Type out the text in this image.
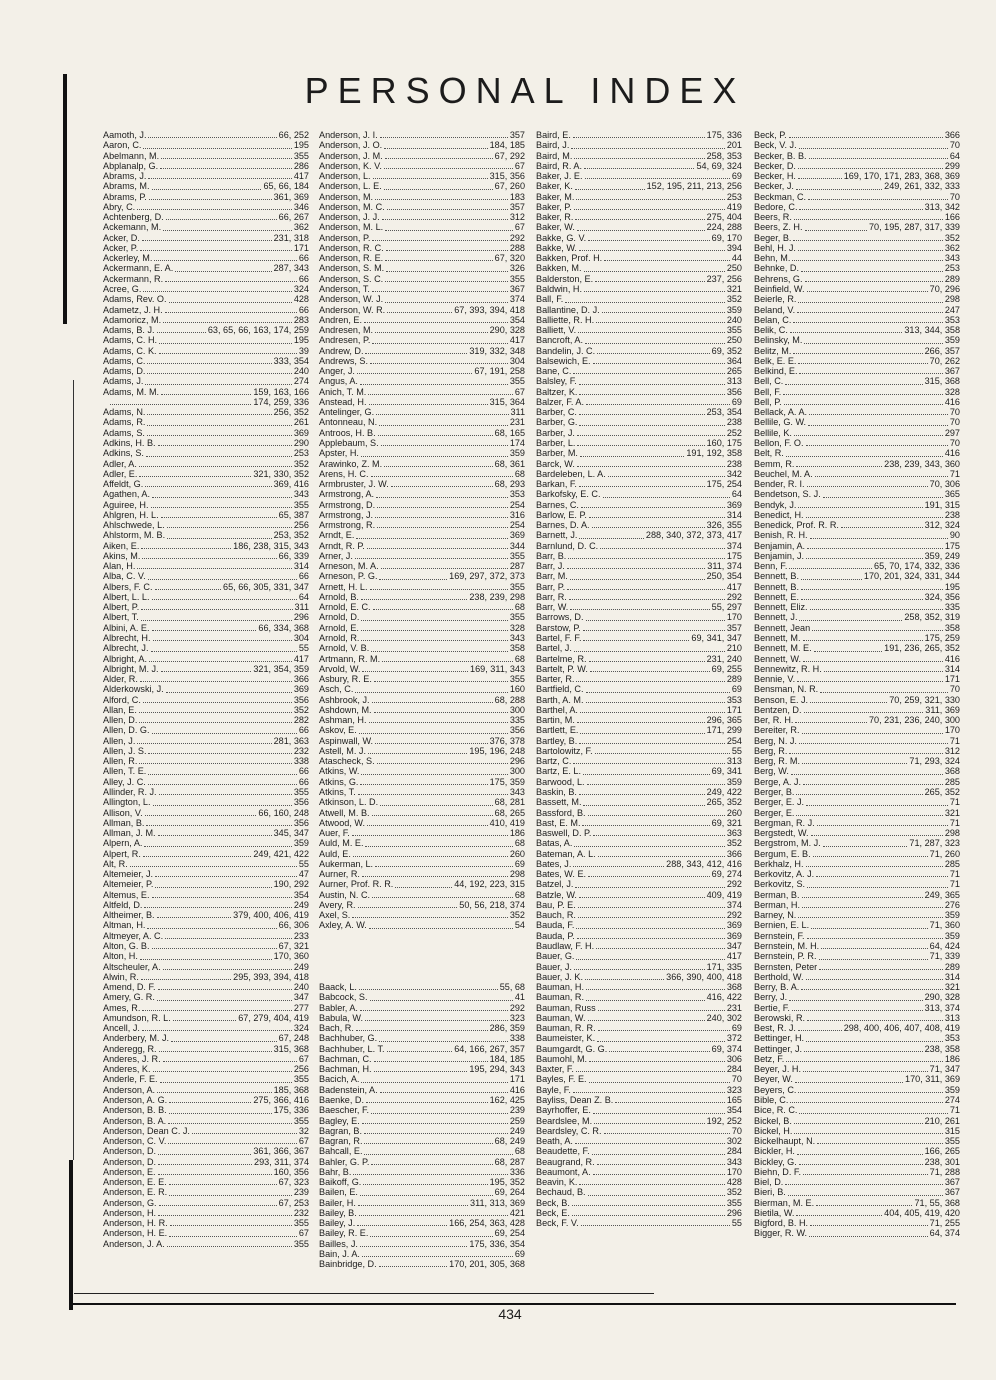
PERSONAL INDEX
Aamoth, J.	66, 252
Aaron, C.	195
Abelmann, M.	355
Abplanalp, G.	286
Abrams, J.	417
Abrams, M.	65, 66, 184
Abrams, P.	361, 369
Abry, C.	346
Achtenberg, D.	66, 267
Ackemann, M.	362
Acker, D.	231, 318
Acker, P.	171
Ackerley, M.	66
Ackermann, E. A.	287, 343
Ackermann, R.	66
Acree, G.	324
Adams, Rev. O.	428
Adametz, J. H.	66
Adamoricz, M.	283
Adams, B. J.	63, 65, 66, 163, 174, 259
Adams, C. H.	195
Adams, C. K.	39
Adams, C.	333, 354
Adams, D.	240
Adams, J.	274
Adams, M. M.	159, 163, 166
174, 259, 336
Adams, N.	256, 352
Adams, R.	261
Adams, S.	369
Adkins, H. B.	290
Adkins, S.	253
Adler, A.	352
Adler, E.	321, 330, 352
Affeldt, G.	369, 416
Agathen, A.	343
Aguiree, H.	355
Ahlgren, H. L.	65, 387
Ahlschwede, L.	256
Ahlstorm, M. B.	253, 352
Aiken, E.	186, 238, 315, 343
Akins, M.	66, 339
Alan, H.	314
Alba, C. V.	66
Albers, F. C.	65, 66, 305, 331, 347
Albert, L. L.	64
Albert, P.	311
Albert, T.	296
Albini, A. E.	66, 334, 368
Albrecht, H.	304
Albrecht, J.	55
Albright, A.	417
Albright, M. J.	321, 354, 359
Alder, R.	366
Alderkowski, J.	369
Alford, C.	356
Allan, E.	352
Allen, D.	282
Allen, D. G.	66
Allen, J.	281, 363
Allen, J. S.	232
Allen, R.	338
Allen, T. E.	66
Alley, J. C.	66
Allinder, R. J.	355
Allington, L.	356
Allison, V.	66, 160, 248
Allman, B.	356
Allman, J. M.	345, 347
Alpern, A.	359
Alpert, R.	249, 421, 422
Alt, R.	55
Altemeier, J.	47
Altemeier, P.	190, 292
Altemus, E.	354
Altfeld, D.	249
Altheimer, B.	379, 400, 406, 419
Altman, H.	66, 306
Altmeyer, A. C.	233
Alton, G. B.	67, 321
Alton, H.	170, 360
Altscheuler, A.	249
Alwin, R.	295, 393, 394, 418
Amend, D. F.	240
Amery, G. R.	347
Ames, R.	277
Amundson, R. L.	67, 279, 404, 419
Ancell, J.	324
Anderbery, M. J.	67, 248
Anderegg, R.	315, 368
Anderes, J. R.	67
Anderes, K.	256
Anderle, F. E.	355
Anderson, A.	185, 368
Anderson, A. G.	275, 366, 416
Anderson, B. B.	175, 336
Anderson, B. A.	355
Anderson, Dean C. J.	32
Anderson, C. V.	67
Anderson, D.	361, 366, 367
Anderson, D.	293, 311, 374
Anderson, E.	160, 356
Anderson, E. E.	67, 323
Anderson, E. R.	239
Anderson, G.	67, 253
Anderson, H.	232
Anderson, H. R.	355
Anderson, H. E.	67
Anderson, J. A.	355
Anderson, J. I.	357
Anderson, J. O.	184, 185
Anderson, J. M.	67, 292
Anderson, K. V.	67
Anderson, L.	315, 356
Anderson, L. E.	67, 260
Anderson, M.	183
Anderson, M. C.	357
Anderson, J. J.	312
Anderson, M. L.	67
Anderson, P.	292
Anderson, R. C.	288
Anderson, R. E.	67, 320
Anderson, S. M.	326
Anderson, S. C.	355
Anderson, T.	367
Anderson, W. J.	374
Anderson, W. R.	67, 393, 394, 418
Andren, E.	354
Andresen, M.	290, 328
Andresen, P.	417
Andrew, D.	319, 332, 348
Andrews, S.	304
Anger, J.	67, 191, 258
Angus, A.	355
Anich, T. M.	67
Anstead, H.	315, 364
Antelinger, G.	311
Antonneau, N.	231
Antroos, H. B.	68, 165
Applebaum, S.	174
Apster, H.	359
Arawinko, Z. M.	68, 361
Arens, H. C.	68
Armbruster, J. W.	68, 293
Armstrong, A.	353
Armstrong, D.	254
Armstrong, J.	316
Armstrong, R.	254
Arndt, E.	369
Arndt, R. P.	344
Arner, J.	355
Arneson, M. A.	287
Arneson, P. G.	169, 297, 372, 373
Arnett, H. L.	355
Arnold, B.	238, 239, 298
Arnold, E. C.	68
Arnold, D.	355
Arnold, E.	328
Arnold, R.	343
Arnold, V. B.	358
Artmann, R. M.	68
Arvold, W.	169, 311, 343
Asbury, R. E.	355
Asch, C.	160
Ashbrook, J.	68, 288
Ashdown, M.	300
Ashman, H.	335
Askov, E.	356
Aspinwall, W.	376, 378
Astell, M. J.	195, 196, 248
Atascheck, S.	296
Atkins, W.	300
Atkins, G.	175, 359
Atkins, T.	343
Atkinson, L. D.	68, 281
Atwell, M. B.	68, 265
Atwood, W.	410, 419
Auer, F.	186
Auld, M. E.	68
Auld, E.	260
Aukerman, L.	69
Aurner, R.	298
Aurner, Prof. R. R.	44, 192, 223, 315
Austin, N. C.	68
Avery, R.	50, 56, 218, 374
Axel, S.	352
Axley, A. W.	54
Baack, L.	55, 68
Babcock, S.	41
Babler, A.	292
Babula, W.	323
Bach, R.	286, 359
Bachhuber, G.	338
Bachhuber, L. T.	64, 166, 267, 357
Bachman, C.	184, 185
Bachman, H.	195, 294, 343
Bacich, A.	171
Badenstein, A.	416
Baenke, D.	162, 425
Baescher, F.	239
Bagley, E.	259
Bagran, B.	249
Bagran, R.	68, 249
Bahcall, E.	68
Bahler, G. P.	68, 287
Bahr, B.	336
Baikoff, G.	195, 352
Bailen, E.	69, 264
Bailer, H.	311, 313, 369
Bailey, B.	421
Bailey, J.	166, 254, 363, 428
Bailey, R. E.	69, 254
Bailles, J.	175, 336, 354
Bain, J. A.	69
Bainbridge, D.	170, 201, 305, 368
Baird, E.	175, 336
Baird, J.	201
Baird, M.	258, 353
Baird, R. A.	54, 69, 324
Baker, J. E.	69
Baker, K.	152, 195, 211, 213, 256
Baker, M.	253
Baker, P.	419
Baker, R.	275, 404
Baker, W.	224, 288
Bakke, G. V.	69, 170
Bakke, W.	394
Bakken, Prof. H.	44
Bakken, M.	250
Balderston, E.	237, 256
Baldwin, H.	321
Ball, F.	352
Ballantine, D. J.	359
Balliette, R. H.	240
Balliett, V.	355
Bancroft, A.	250
Bandelin, J. C.	69, 352
Balsewich, E.	364
Bane, C.	265
Balsley, F.	313
Baltzer, K.	356
Balzer, F. A.	69
Barber, C.	253, 354
Barber, G.	238
Barber, J.	252
Barber, L.	160, 175
Barber, M.	191, 192, 358
Barck, W.	238
Bardeleben, L. A.	342
Barkan, F.	175, 254
Barkofsky, E. C.	64
Barnes, C.	369
Barlow, E. P.	314
Barnes, D. A.	326, 355
Barnett, J.	288, 340, 372, 373, 417
Barnlund, D. C.	374
Barr, B.	175
Barr, J.	311, 374
Barr, M.	250, 354
Barr, P.	417
Barr, R.	292
Barr, W.	55, 297
Barrows, D.	170
Barstow, P.	357
Bartel, F. F.	69, 341, 347
Bartel, J.	210
Bartelme, R.	231, 240
Bartelt, P. W.	69, 255
Barter, R.	289
Bartfield, C.	69
Barth, A. M.	353
Barthel, A.	171
Bartin, M.	296, 365
Bartlett, E.	171, 299
Bartley, B.	254
Bartolowitz, F.	55
Bartz, C.	313
Bartz, E. L.	69, 341
Barwood, L.	359
Baskin, B.	249, 422
Bassett, M.	265, 352
Bassford, B.	260
Bast, E. M.	69, 321
Baswell, D. P.	363
Batas, A.	352
Bateman, A. L.	366
Bates, J.	288, 343, 412, 416
Bates, W. E.	69, 274
Batzel, J.	292
Batzle, W.	409, 419
Bau, P. E.	374
Bauch, R.	292
Bauda, F.	369
Bauda, P.	369
Baudlaw, F. H.	347
Bauer, G.	417
Bauer, J.	171, 335
Bauer, J. K.	366, 390, 400, 418
Bauman, H.	368
Bauman, R.	416, 422
Bauman, Russ	231
Bauman, W.	240, 302
Bauman, R. R.	69
Baumeister, K.	372
Baumgardt, G. G.	69, 374
Baumohl, M.	306
Baxter, F.	284
Bayles, F. E.	70
Bayle, F.	323
Bayliss, Dean Z. B.	165
Bayrhoffer, E.	354
Beardslee, M.	192, 252
Beardsley, C. R.	70
Beath, A.	302
Beaudette, F.	284
Beaugrand, R.	343
Beaumont, A.	170
Beavin, K.	428
Bechaud, B.	352
Beck, B.	355
Beck, E.	296
Beck, F. V.	55
Beck, P.	366
Beck, V. J.	70
Becker, B. B.	64
Becker, D.	299
Becker, H.	169, 170, 171, 283, 368, 369
Becker, J.	249, 261, 332, 333
Beckman, C.	70
Bedore, C.	313, 342
Beers, R.	166
Beers, Z. H.	70, 195, 287, 317, 339
Beger, B.	352
Behl, H. J.	362
Behn, M.	343
Behnke, D.	253
Behrens, G.	289
Beinfield, W.	70, 296
Beierle, R.	298
Beland, V.	247
Belan, C.	353
Belik, C.	313, 344, 358
Belinsky, M.	359
Belitz, M.	266, 357
Belk, E. E.	70, 262
Belkind, E.	367
Bell, C.	315, 368
Bell, F.	328
Bell, P.	416
Bellack, A. A.	70
Bellile, G. W.	70
Bellile, K.	297
Bellon, F. O.	70
Belt, R.	416
Bemm, R.	238, 239, 343, 360
Beuchel, M. A.	71
Bender, R. I.	70, 306
Bendetson, S. J.	365
Bendyk, J.	191, 315
Benedict, H.	238
Benedick, Prof. R. R.	312, 324
Benish, R. H.	90
Benjamin, A.	175
Benjamin, J.	359, 249
Benn, F.	65, 70, 174, 332, 336
Bennett, B.	170, 201, 324, 331, 344
Bennett, B.	195
Bennett, E.	324, 356
Bennett, Eliz.	335
Bennett, J.	258, 352, 319
Bennett, Jean	358
Bennett, M.	175, 259
Bennett, M. E.	191, 236, 265, 352
Bennett, W.	416
Bennewitz, R. H.	314
Bennie, V.	171
Bensman, N. R.	70
Benson, E. J.	70, 259, 321, 330
Bentzen, D.	311, 369
Ber, R. H.	70, 231, 236, 240, 300
Bereiter, R.	170
Berg, N. J.	71
Berg, R.	312
Berg, R. M.	71, 293, 324
Berg, W.	368
Berge, A. J.	285
Berger, B.	265, 352
Berger, E. J.	71
Berger, E.	321
Bergman, R. J.	71
Bergstedt, W.	298
Bergstrom, M. J.	71, 287, 323
Bergum, E. B.	71, 260
Berkhalz, H.	285
Berkovitz, A. J.	71
Berkovitz, S.	71
Berman, B.	249, 365
Berman, H.	276
Barney, N.	359
Bernien, E. L.	71, 360
Bernstein, F.	359
Bernstein, M. H.	64, 424
Bernstein, P. R.	71, 339
Bernsten, Peter	289
Berthold, W.	314
Berry, B. A.	321
Berry, J.	290, 328
Bertie, F.	313, 374
Berowski, R.	313
Best, R. J.	298, 400, 406, 407, 408, 419
Bettinger, H.	353
Bettinger, J.	238, 358
Betz, F.	186
Beyer, J. H.	71, 347
Beyer, W.	170, 311, 369
Beyers, C.	359
Bible, C.	274
Bice, R. C.	71
Bickel, B.	210, 261
Bickel, H.	315
Bickelhaupt, N.	355
Bickler, H.	166, 265
Bickley, G.	238, 301
Biehn, D. F.	71, 288
Biel, D.	367
Bieri, B.	367
Bierman, M. E.	71, 55, 368
Bietila, W.	404, 405, 419, 420
Bigford, B. H.	71, 255
Bigger, R. W.	64, 374
434
